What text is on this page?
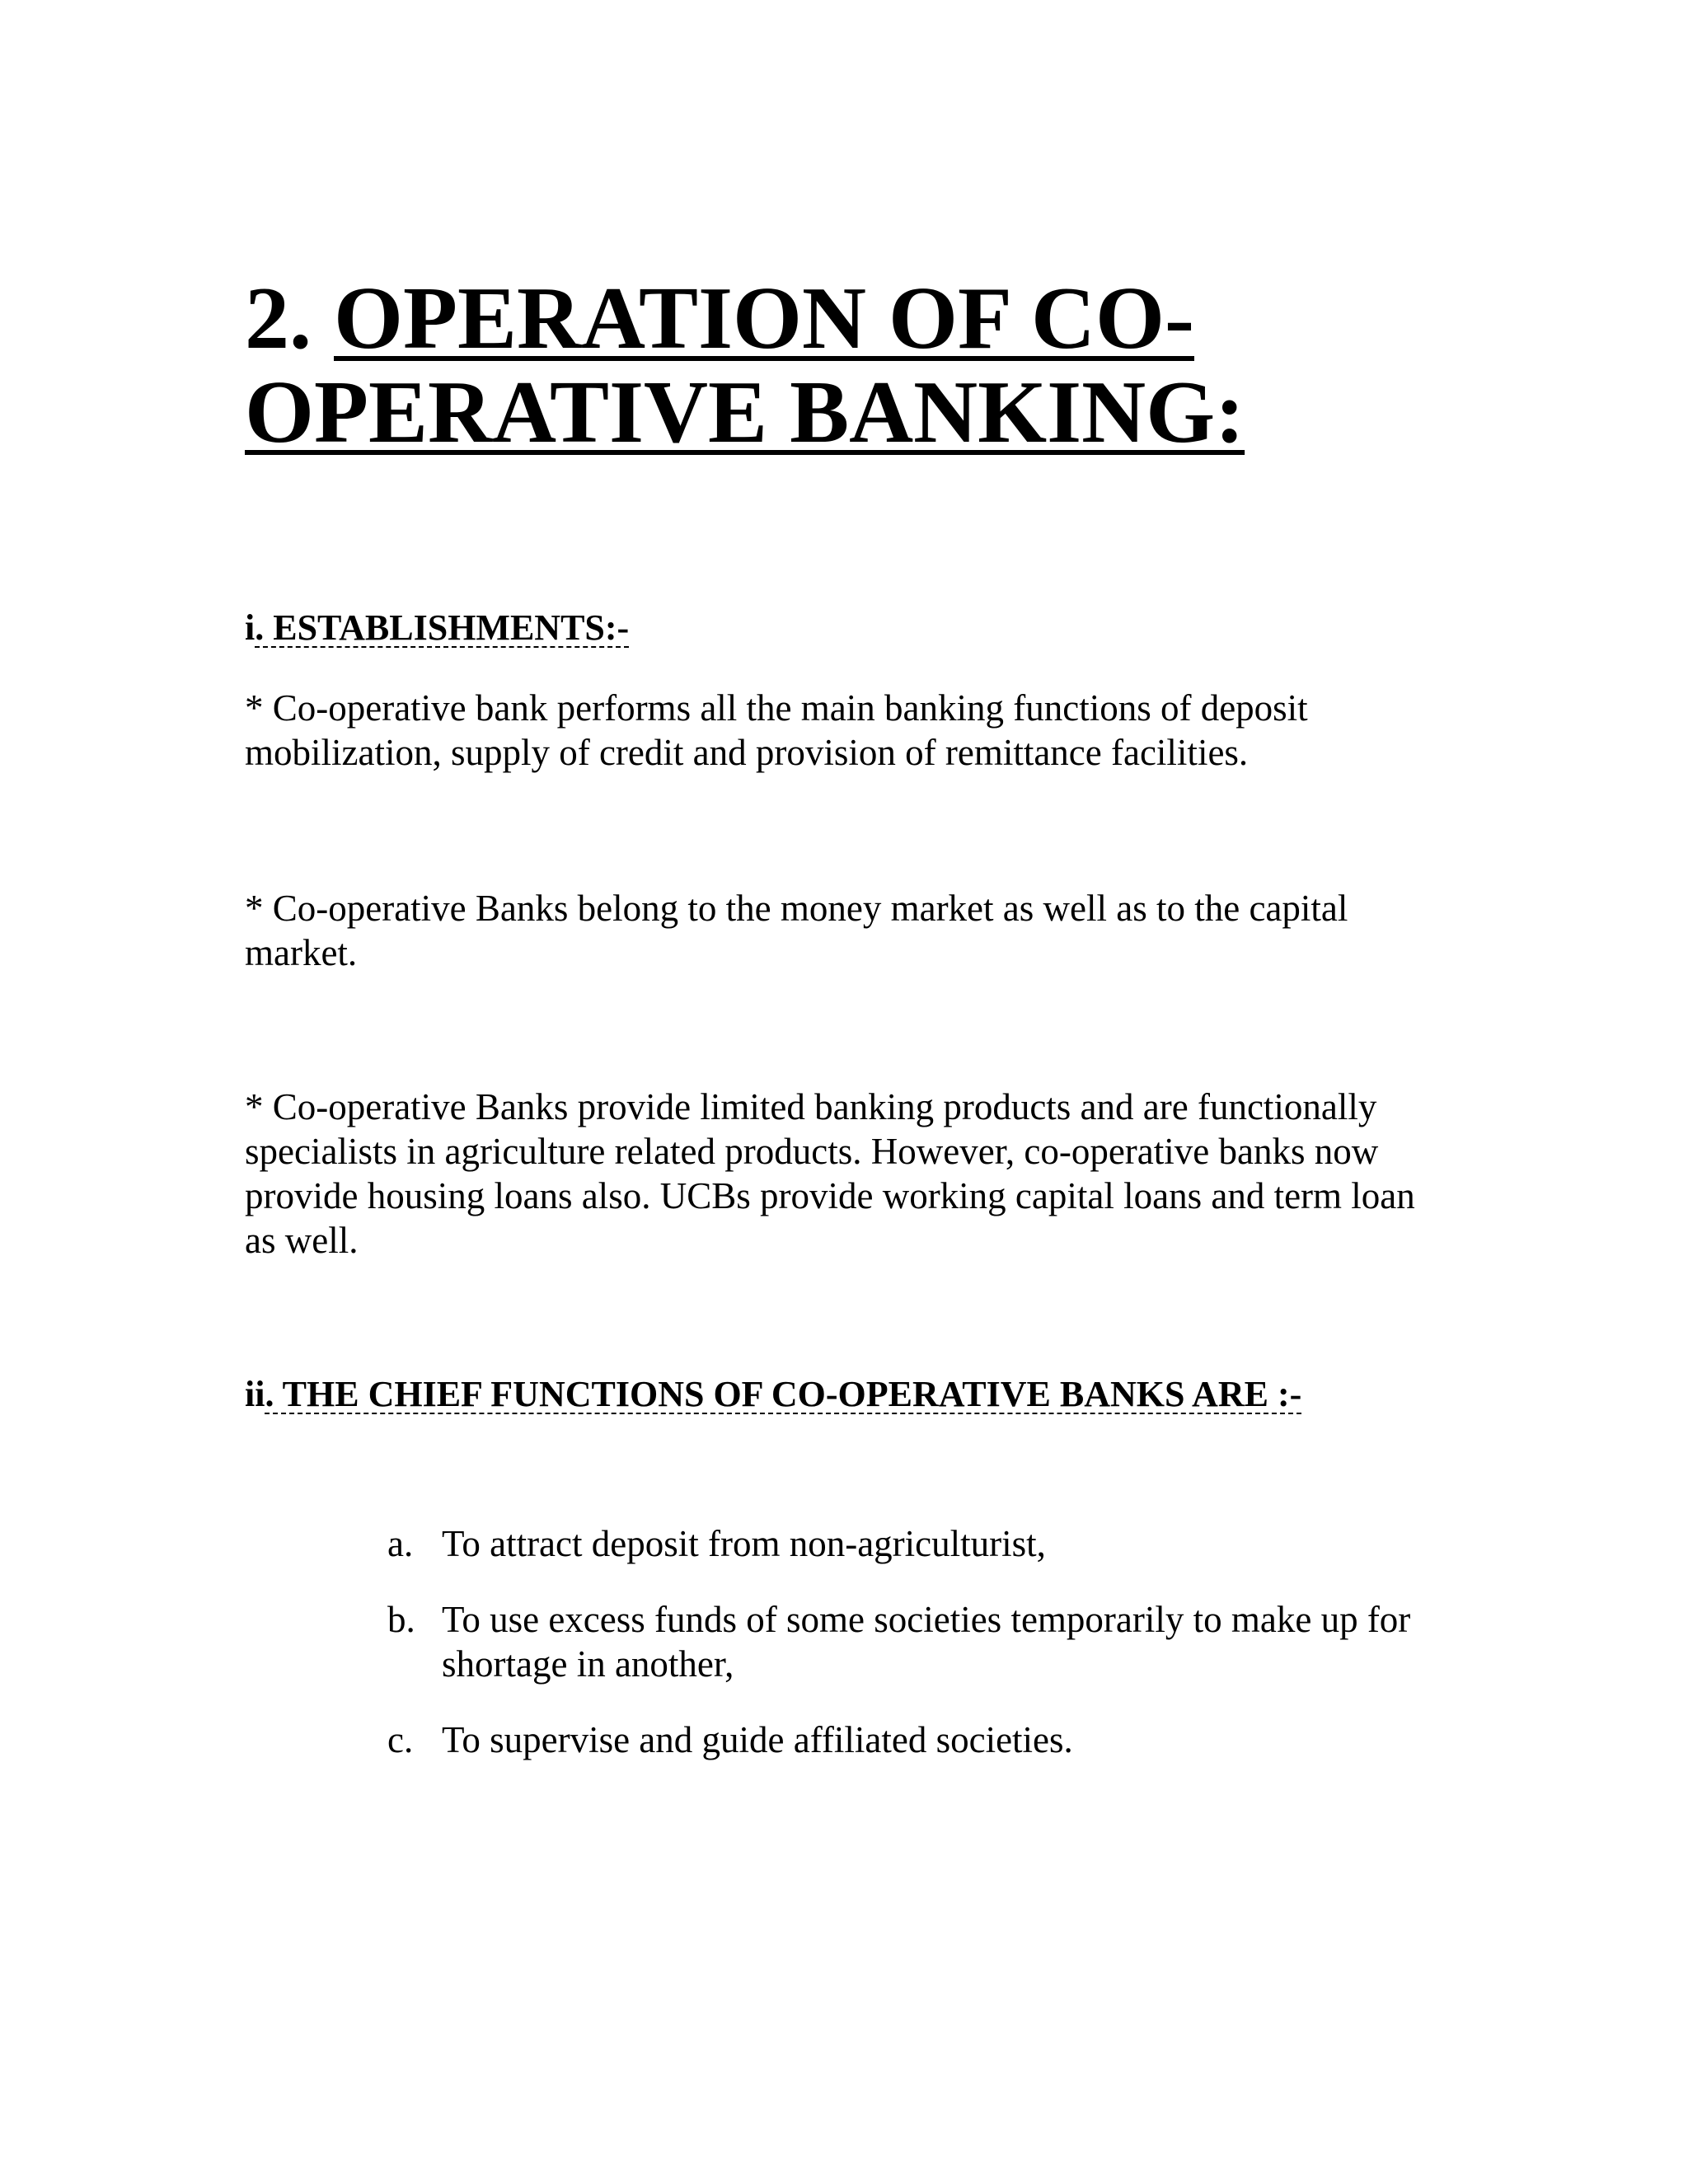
2. OPERATION OF CO-OPERATIVE BANKING:
i. ESTABLISHMENTS:-

* Co-operative bank performs all the main banking functions of deposit mobilization, supply of credit and provision of remittance facilities.

* Co-operative Banks belong to the money market as well as to the capital market.

* Co-operative Banks provide limited banking products and are functionally specialists in agriculture related products. However, co-operative banks now provide housing loans also. UCBs provide working capital loans and term loan as well.

ii. THE CHIEF FUNCTIONS OF CO-OPERATIVE BANKS ARE :-
a. To attract deposit from non-agriculturist,
b. To use excess funds of some societies temporarily to make up for shortage in another,
c. To supervise and guide affiliated societies.
